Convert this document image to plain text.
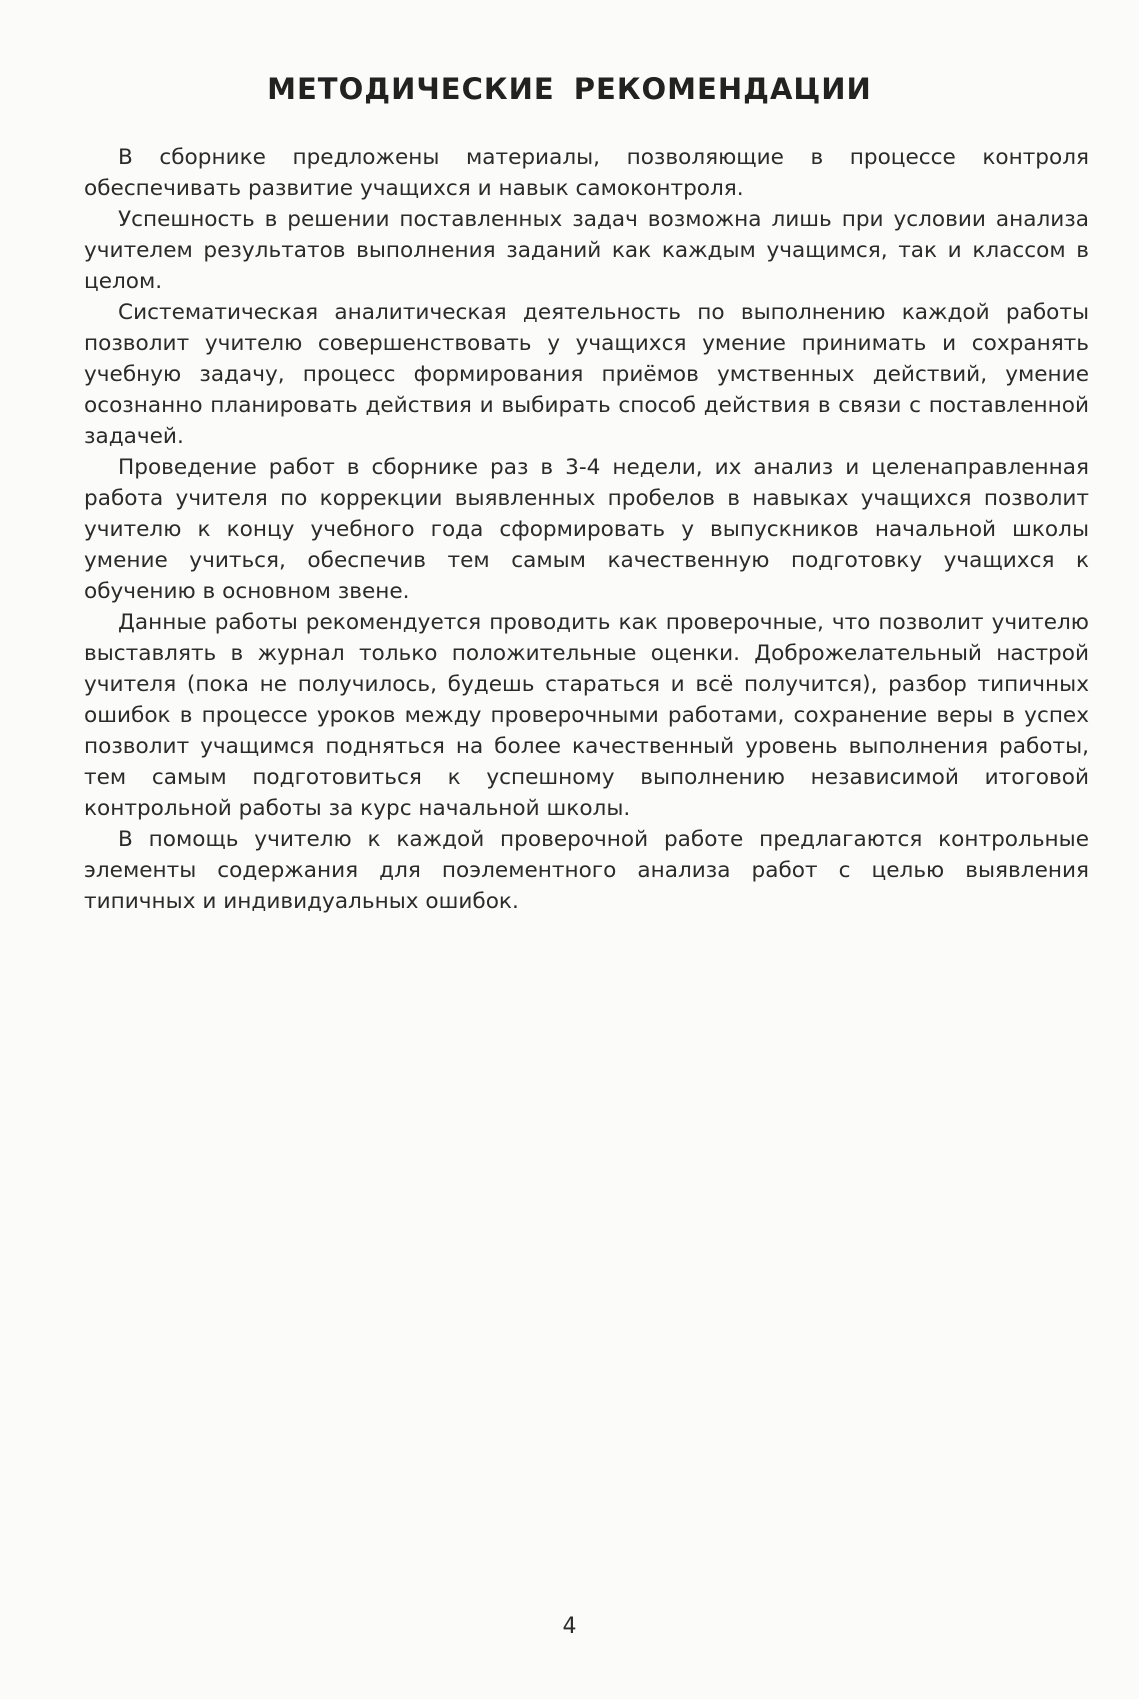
МЕТОДИЧЕСКИЕ РЕКОМЕНДАЦИИ

В сборнике предложены материалы, позволяющие в процессе контроля обеспечивать развитие учащихся и навык самоконтроля.

Успешность в решении поставленных задач возможна лишь при условии анализа учителем результатов выполнения заданий как каждым учащимся, так и классом в целом.

Систематическая аналитическая деятельность по выполнению каждой работы позволит учителю совершенствовать у учащихся умение принимать и сохранять учебную задачу, процесс формирования приёмов умственных действий, умение осознанно планировать действия и выбирать способ действия в связи с поставленной задачей.

Проведение работ в сборнике раз в 3-4 недели, их анализ и целенаправленная работа учителя по коррекции выявленных пробелов в навыках учащихся позволит учителю к концу учебного года сформировать у выпускников начальной школы умение учиться, обеспечив тем самым качественную подготовку учащихся к обучению в основном звене.

Данные работы рекомендуется проводить как проверочные, что позволит учителю выставлять в журнал только положительные оценки. Доброжелательный настрой учителя (пока не получилось, будешь стараться и всё получится), разбор типичных ошибок в процессе уроков между проверочными работами, сохранение веры в успех позволит учащимся подняться на более качественный уровень выполнения работы, тем самым подготовиться к успешному выполнению независимой итоговой контрольной работы за курс начальной школы.

В помощь учителю к каждой проверочной работе предлагаются контрольные элементы содержания для поэлементного анализа работ с целью выявления типичных и индивидуальных ошибок.

4
